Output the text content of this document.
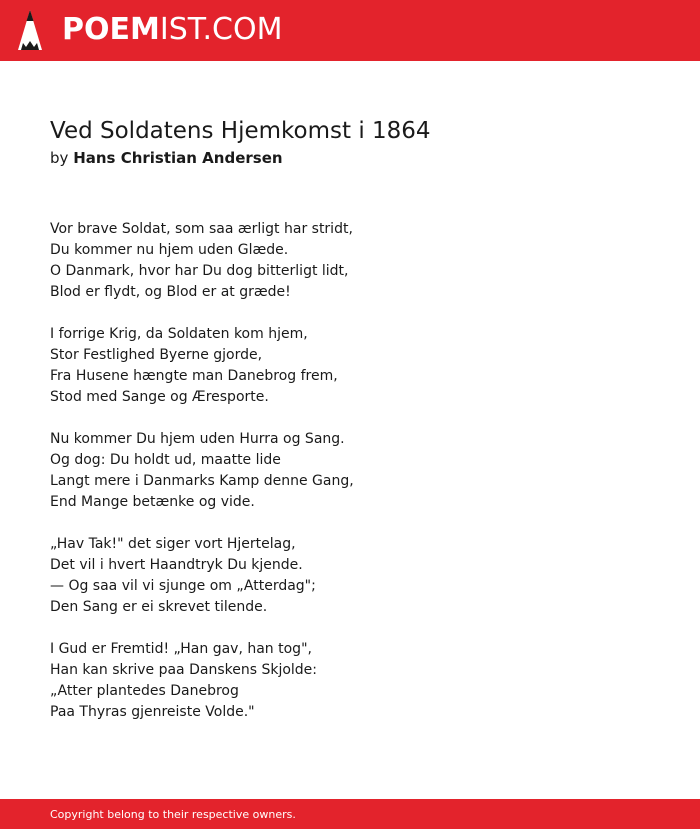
POEMIST.COM
Ved Soldatens Hjemkomst i 1864
by Hans Christian Andersen
Vor brave Soldat, som saa ærligt har stridt,
Du kommer nu hjem uden Glæde.
O Danmark, hvor har Du dog bitterligt lidt,
Blod er flydt, og Blod er at græde!
I forrige Krig, da Soldaten kom hjem,
Stor Festlighed Byerne gjorde,
Fra Husene hængte man Danebrog frem,
Stod med Sange og Æresporte.
Nu kommer Du hjem uden Hurra og Sang.
Og dog: Du holdt ud, maatte lide
Langt mere i Danmarks Kamp denne Gang,
End Mange betænke og vide.
„Hav Tak!" det siger vort Hjertelag,
Det vil i hvert Haandtryk Du kjende.
— Og saa vil vi sjunge om „Atterdag";
Den Sang er ei skrevet tilende.
I Gud er Fremtid! „Han gav, han tog",
Han kan skrive paa Danskens Skjolde:
„Atter plantedes Danebrog
Paa Thyras gjenreiste Volde."
Copyright belong to their respective owners.
